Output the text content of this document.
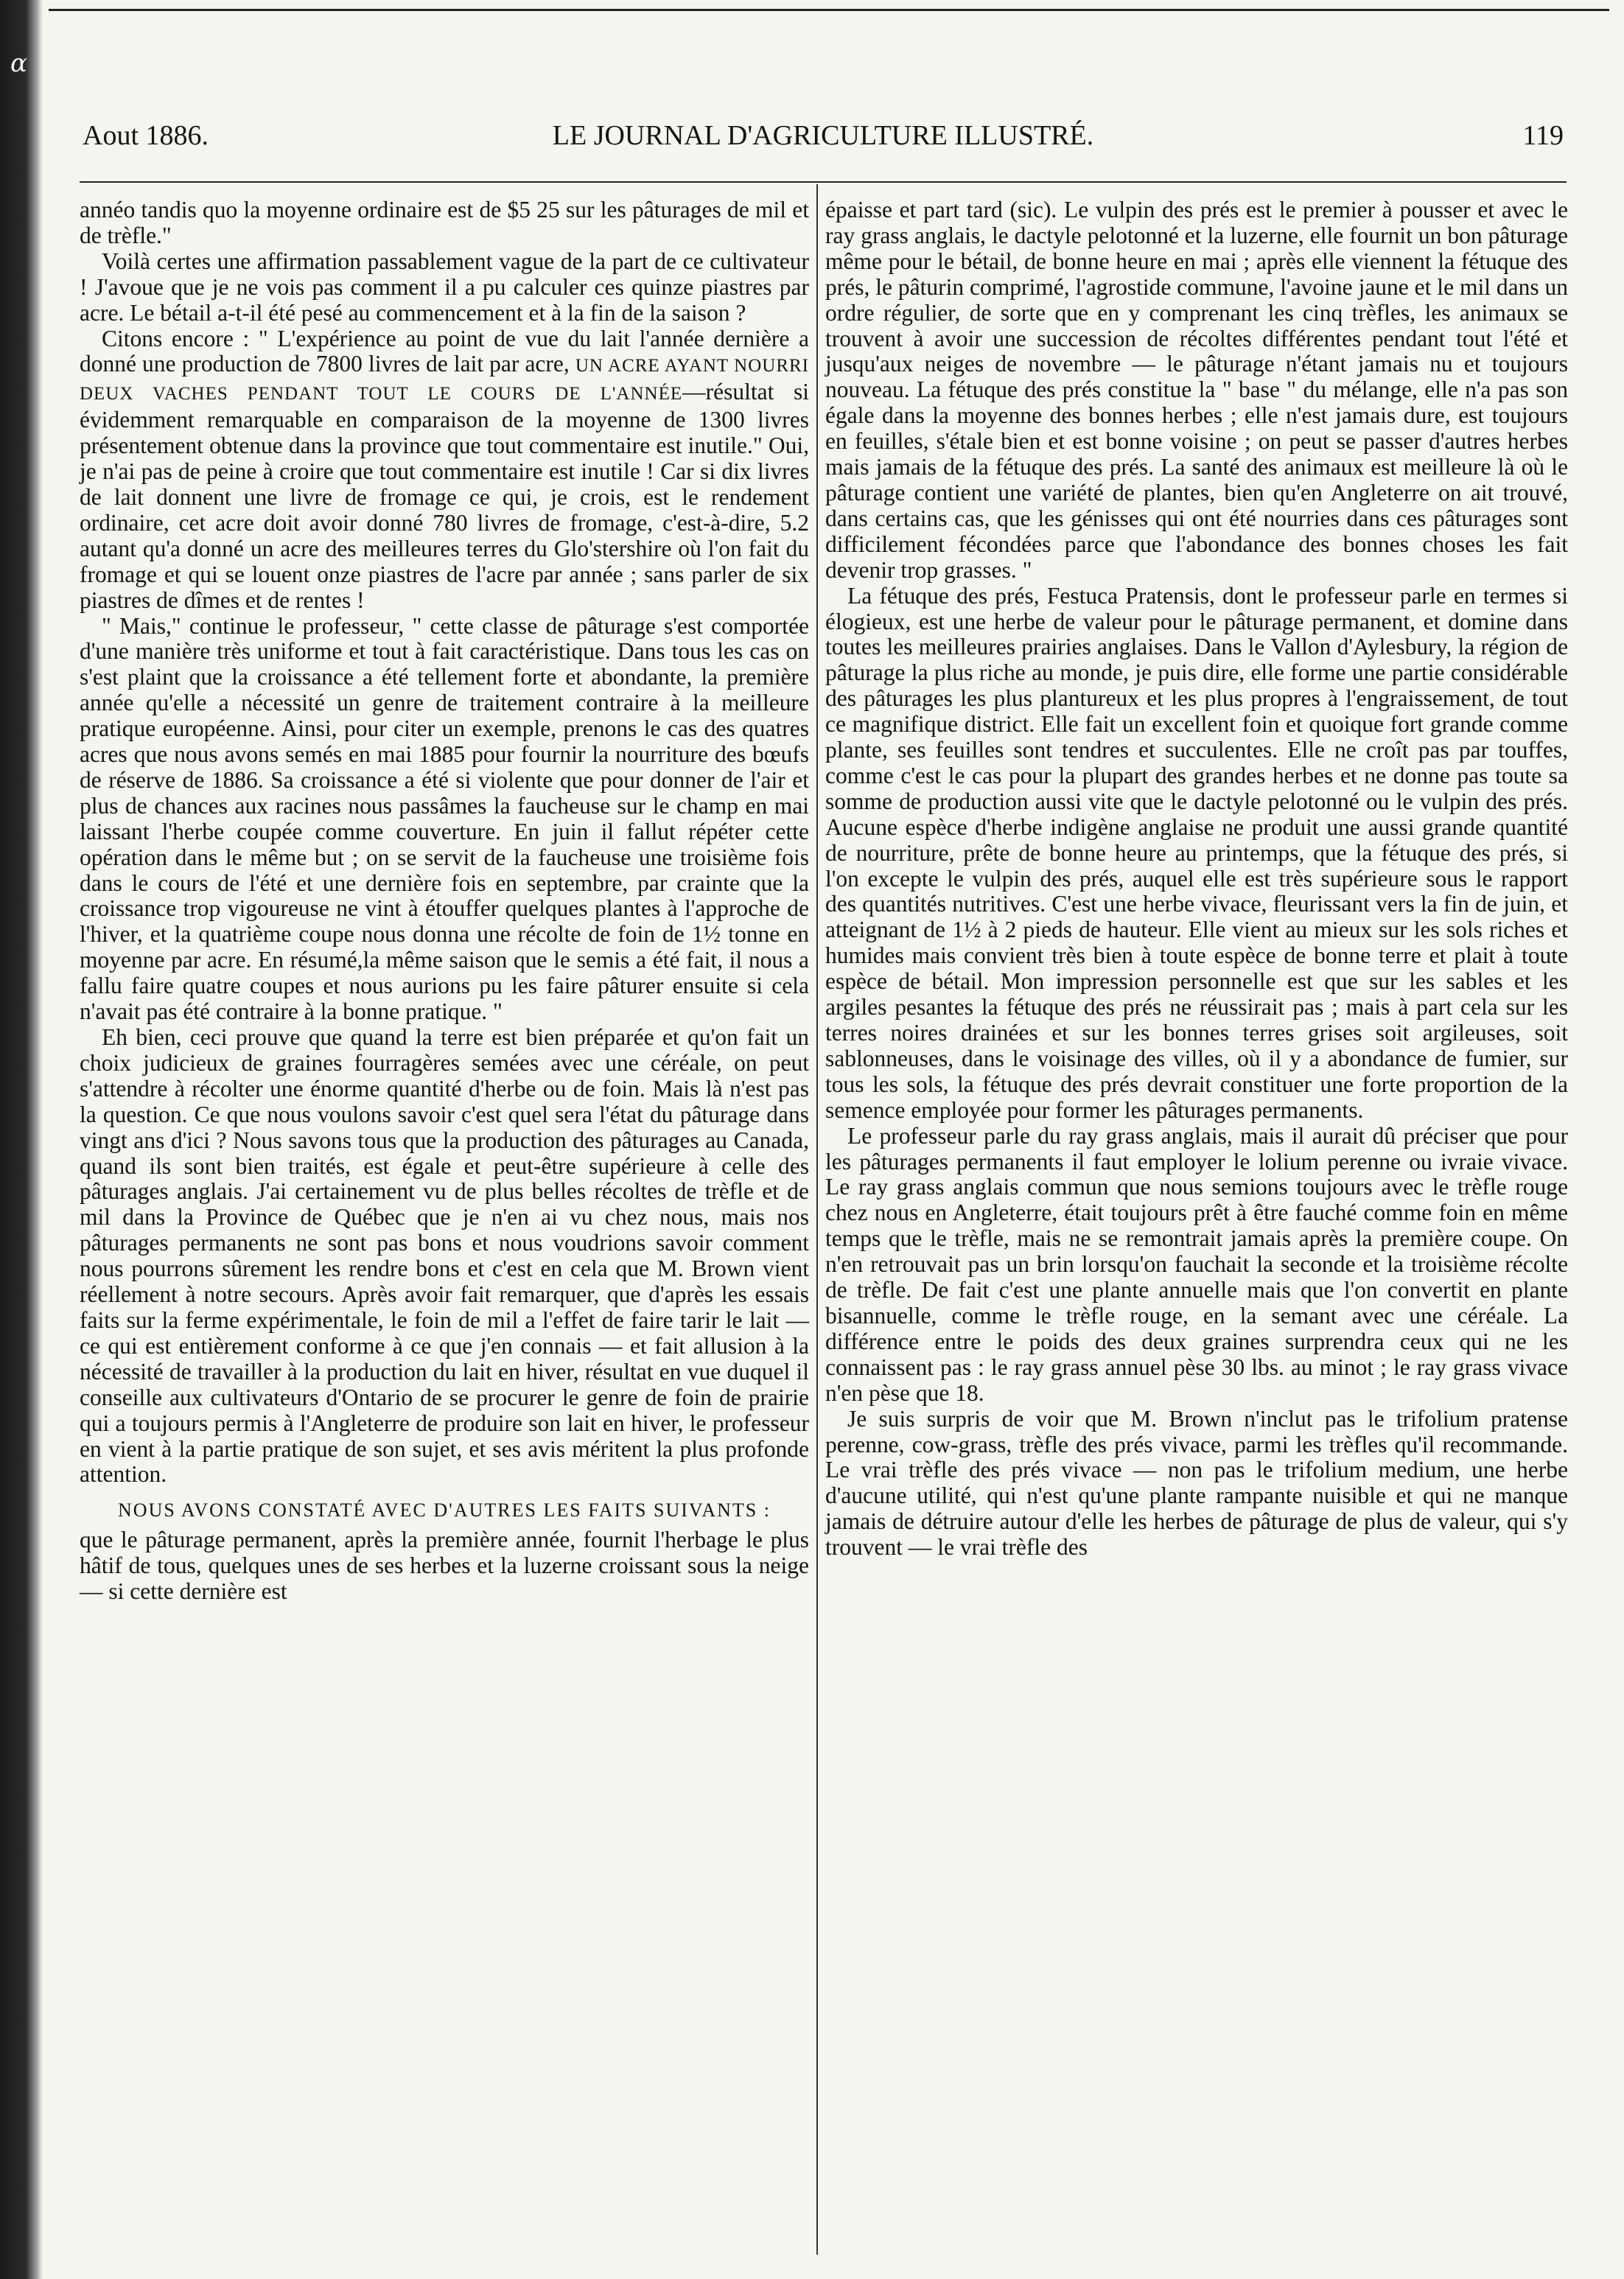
α
Aout 1886.	LE JOURNAL D'AGRICULTURE ILLUSTRÉ.	119

annéo tandis quo la moyenne ordinaire est de $5 25 sur les pâturages de mil et de trèfle."

Voilà certes une affirmation passablement vague de la part de ce cultivateur ! J'avoue que je ne vois pas comment il a pu calculer ces quinze piastres par acre. Le bétail a-t-il été pesé au commencement et à la fin de la saison ?

Citons encore : " L'expérience au point de vue du lait l'année dernière a donné une production de 7800 livres de lait par acre, UN ACRE AYANT NOURRI DEUX VACHES PENDANT TOUT LE COURS DE L'ANNÉE—résultat si évidemment remarquable en comparaison de la moyenne de 1300 livres présentement obtenue dans la province que tout commentaire est inutile." Oui, je n'ai pas de peine à croire que tout commentaire est inutile ! Car si dix livres de lait donnent une livre de fromage ce qui, je crois, est le rendement ordinaire, cet acre doit avoir donné 780 livres de fromage, c'est-à-dire, 5.2 autant qu'a donné un acre des meilleures terres du Glo'stershire où l'on fait du fromage et qui se louent onze piastres de l'acre par année ; sans parler de six piastres de dîmes et de rentes !

" Mais," continue le professeur, " cette classe de pâturage s'est comportée d'une manière très uniforme et tout à fait caractéristique. Dans tous les cas on s'est plaint que la croissance a été tellement forte et abondante, la première année qu'elle a nécessité un genre de traitement contraire à la meilleure pratique européenne. Ainsi, pour citer un exemple, prenons le cas des quatres acres que nous avons semés en mai 1885 pour fournir la nourriture des bœufs de réserve de 1886. Sa croissance a été si violente que pour donner de l'air et plus de chances aux racines nous passâmes la faucheuse sur le champ en mai laissant l'herbe coupée comme couverture. En juin il fallut répéter cette opération dans le même but ; on se servit de la faucheuse une troisième fois dans le cours de l'été et une dernière fois en septembre, par crainte que la croissance trop vigoureuse ne vint à étouffer quelques plantes à l'approche de l'hiver, et la quatrième coupe nous donna une récolte de foin de 1½ tonne en moyenne par acre. En résumé,la même saison que le semis a été fait, il nous a fallu faire quatre coupes et nous aurions pu les faire pâturer ensuite si cela n'avait pas été contraire à la bonne pratique. "

Eh bien, ceci prouve que quand la terre est bien préparée et qu'on fait un choix judicieux de graines fourragères semées avec une céréale, on peut s'attendre à récolter une énorme quantité d'herbe ou de foin. Mais là n'est pas la question. Ce que nous voulons savoir c'est quel sera l'état du pâturage dans vingt ans d'ici ? Nous savons tous que la production des pâturages au Canada, quand ils sont bien traités, est égale et peut-être supérieure à celle des pâturages anglais. J'ai certainement vu de plus belles récoltes de trèfle et de mil dans la Province de Québec que je n'en ai vu chez nous, mais nos pâturages permanents ne sont pas bons et nous voudrions savoir comment nous pourrons sûrement les rendre bons et c'est en cela que M. Brown vient réellement à notre secours. Après avoir fait remarquer, que d'après les essais faits sur la ferme expérimentale, le foin de mil a l'effet de faire tarir le lait — ce qui est entièrement conforme à ce que j'en connais — et fait allusion à la nécessité de travailler à la production du lait en hiver, résultat en vue duquel il conseille aux cultivateurs d'Ontario de se procurer le genre de foin de prairie qui a toujours permis à l'Angleterre de produire son lait en hiver, le professeur en vient à la partie pratique de son sujet, et ses avis méritent la plus profonde attention.

NOUS AVONS CONSTATÉ AVEC D'AUTRES LES FAITS SUIVANTS :

que le pâturage permanent, après la première année, fournit l'herbage le plus hâtif de tous, quelques unes de ses herbes et la luzerne croissant sous la neige — si cette dernière est

épaisse et part tard (sic). Le vulpin des prés est le premier à pousser et avec le ray grass anglais, le dactyle pelotonné et la luzerne, elle fournit un bon pâturage même pour le bétail, de bonne heure en mai ; après elle viennent la fétuque des prés, le pâturin comprimé, l'agrostide commune, l'avoine jaune et le mil dans un ordre régulier, de sorte que en y comprenant les cinq trèfles, les animaux se trouvent à avoir une succession de récoltes différentes pendant tout l'été et jusqu'aux neiges de novembre — le pâturage n'étant jamais nu et toujours nouveau. La fétuque des prés constitue la " base " du mélange, elle n'a pas son égale dans la moyenne des bonnes herbes ; elle n'est jamais dure, est toujours en feuilles, s'étale bien et est bonne voisine ; on peut se passer d'autres herbes mais jamais de la fétuque des prés. La santé des animaux est meilleure là où le pâturage contient une variété de plantes, bien qu'en Angleterre on ait trouvé, dans certains cas, que les génisses qui ont été nourries dans ces pâturages sont difficilement fécondées parce que l'abondance des bonnes choses les fait devenir trop grasses. "

La fétuque des prés, Festuca Pratensis, dont le professeur parle en termes si élogieux, est une herbe de valeur pour le pâturage permanent, et domine dans toutes les meilleures prairies anglaises. Dans le Vallon d'Aylesbury, la région de pâturage la plus riche au monde, je puis dire, elle forme une partie considérable des pâturages les plus plantureux et les plus propres à l'engraissement, de tout ce magnifique district. Elle fait un excellent foin et quoique fort grande comme plante, ses feuilles sont tendres et succulentes. Elle ne croît pas par touffes, comme c'est le cas pour la plupart des grandes herbes et ne donne pas toute sa somme de production aussi vite que le dactyle pelotonné ou le vulpin des prés. Aucune espèce d'herbe indigène anglaise ne produit une aussi grande quantité de nourriture, prête de bonne heure au printemps, que la fétuque des prés, si l'on excepte le vulpin des prés, auquel elle est très supérieure sous le rapport des quantités nutritives. C'est une herbe vivace, fleurissant vers la fin de juin, et atteignant de 1½ à 2 pieds de hauteur. Elle vient au mieux sur les sols riches et humides mais convient très bien à toute espèce de bonne terre et plait à toute espèce de bétail. Mon impression personnelle est que sur les sables et les argiles pesantes la fétuque des prés ne réussirait pas ; mais à part cela sur les terres noires drainées et sur les bonnes terres grises soit argileuses, soit sablonneuses, dans le voisinage des villes, où il y a abondance de fumier, sur tous les sols, la fétuque des prés devrait constituer une forte proportion de la semence employée pour former les pâturages permanents.

Le professeur parle du ray grass anglais, mais il aurait dû préciser que pour les pâturages permanents il faut employer le lolium perenne ou ivraie vivace. Le ray grass anglais commun que nous semions toujours avec le trèfle rouge chez nous en Angleterre, était toujours prêt à être fauché comme foin en même temps que le trèfle, mais ne se remontrait jamais après la première coupe. On n'en retrouvait pas un brin lorsqu'on fauchait la seconde et la troisième récolte de trèfle. De fait c'est une plante annuelle mais que l'on convertit en plante bisannuelle, comme le trèfle rouge, en la semant avec une céréale. La différence entre le poids des deux graines surprendra ceux qui ne les connaissent pas : le ray grass annuel pèse 30 lbs. au minot ; le ray grass vivace n'en pèse que 18.

Je suis surpris de voir que M. Brown n'inclut pas le trifolium pratense perenne, cow-grass, trèfle des prés vivace, parmi les trèfles qu'il recommande. Le vrai trèfle des prés vivace — non pas le trifolium medium, une herbe d'aucune utilité, qui n'est qu'une plante rampante nuisible et qui ne manque jamais de détruire autour d'elle les herbes de pâturage de plus de valeur, qui s'y trouvent — le vrai trèfle des
